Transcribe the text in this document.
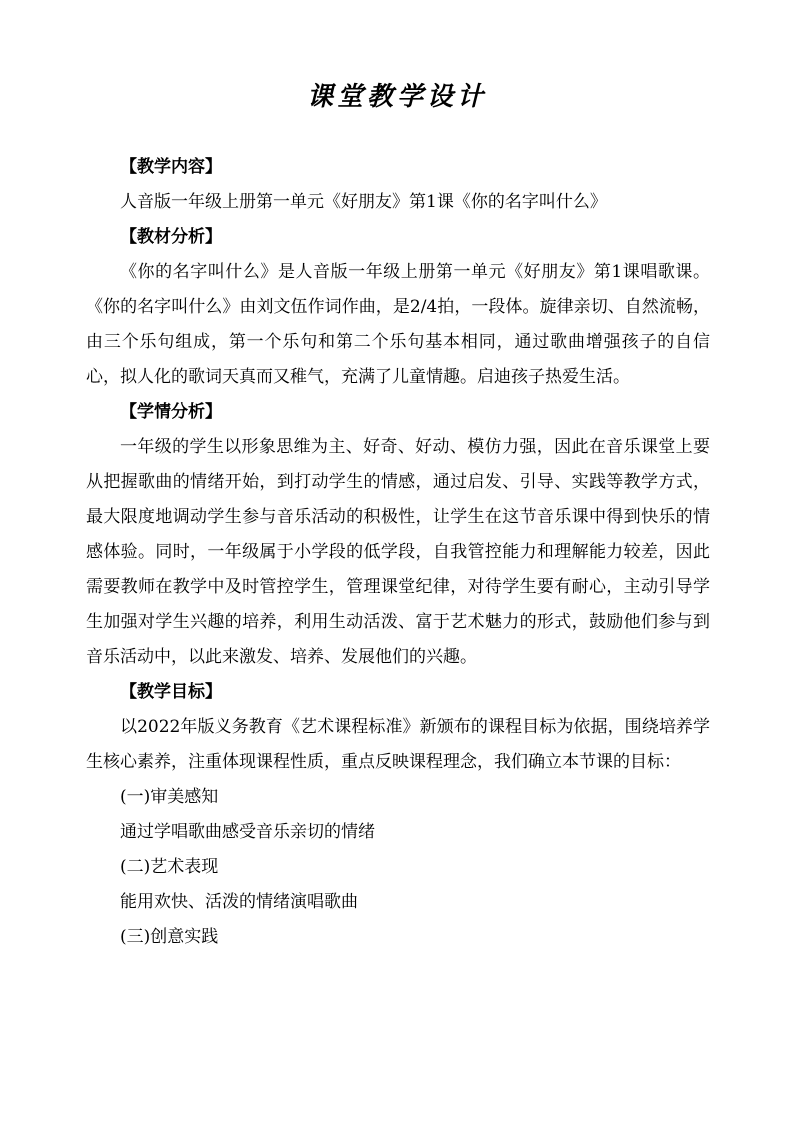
课堂教学设计

【教学内容】

人音版一年级上册第一单元《好朋友》第1课《你的名字叫什么》

【教材分析】

《你的名字叫什么》是人音版一年级上册第一单元《好朋友》第1课唱歌课。《你的名字叫什么》由刘文伍作词作曲，是2/4拍，一段体。旋律亲切、自然流畅，由三个乐句组成，第一个乐句和第二个乐句基本相同，通过歌曲增强孩子的自信心，拟人化的歌词天真而又稚气，充满了儿童情趣。启迪孩子热爱生活。

【学情分析】

一年级的学生以形象思维为主、好奇、好动、模仿力强，因此在音乐课堂上要从把握歌曲的情绪开始，到打动学生的情感，通过启发、引导、实践等教学方式，最大限度地调动学生参与音乐活动的积极性，让学生在这节音乐课中得到快乐的情感体验。同时，一年级属于小学段的低学段，自我管控能力和理解能力较差，因此需要教师在教学中及时管控学生，管理课堂纪律，对待学生要有耐心，主动引导学生加强对学生兴趣的培养，利用生动活泼、富于艺术魅力的形式，鼓励他们参与到音乐活动中，以此来激发、培养、发展他们的兴趣。

【教学目标】

以2022年版义务教育《艺术课程标准》新颁布的课程目标为依据，围绕培养学生核心素养，注重体现课程性质，重点反映课程理念，我们确立本节课的目标：

(一)审美感知

通过学唱歌曲感受音乐亲切的情绪

(二)艺术表现

能用欢快、活泼的情绪演唱歌曲

(三)创意实践
